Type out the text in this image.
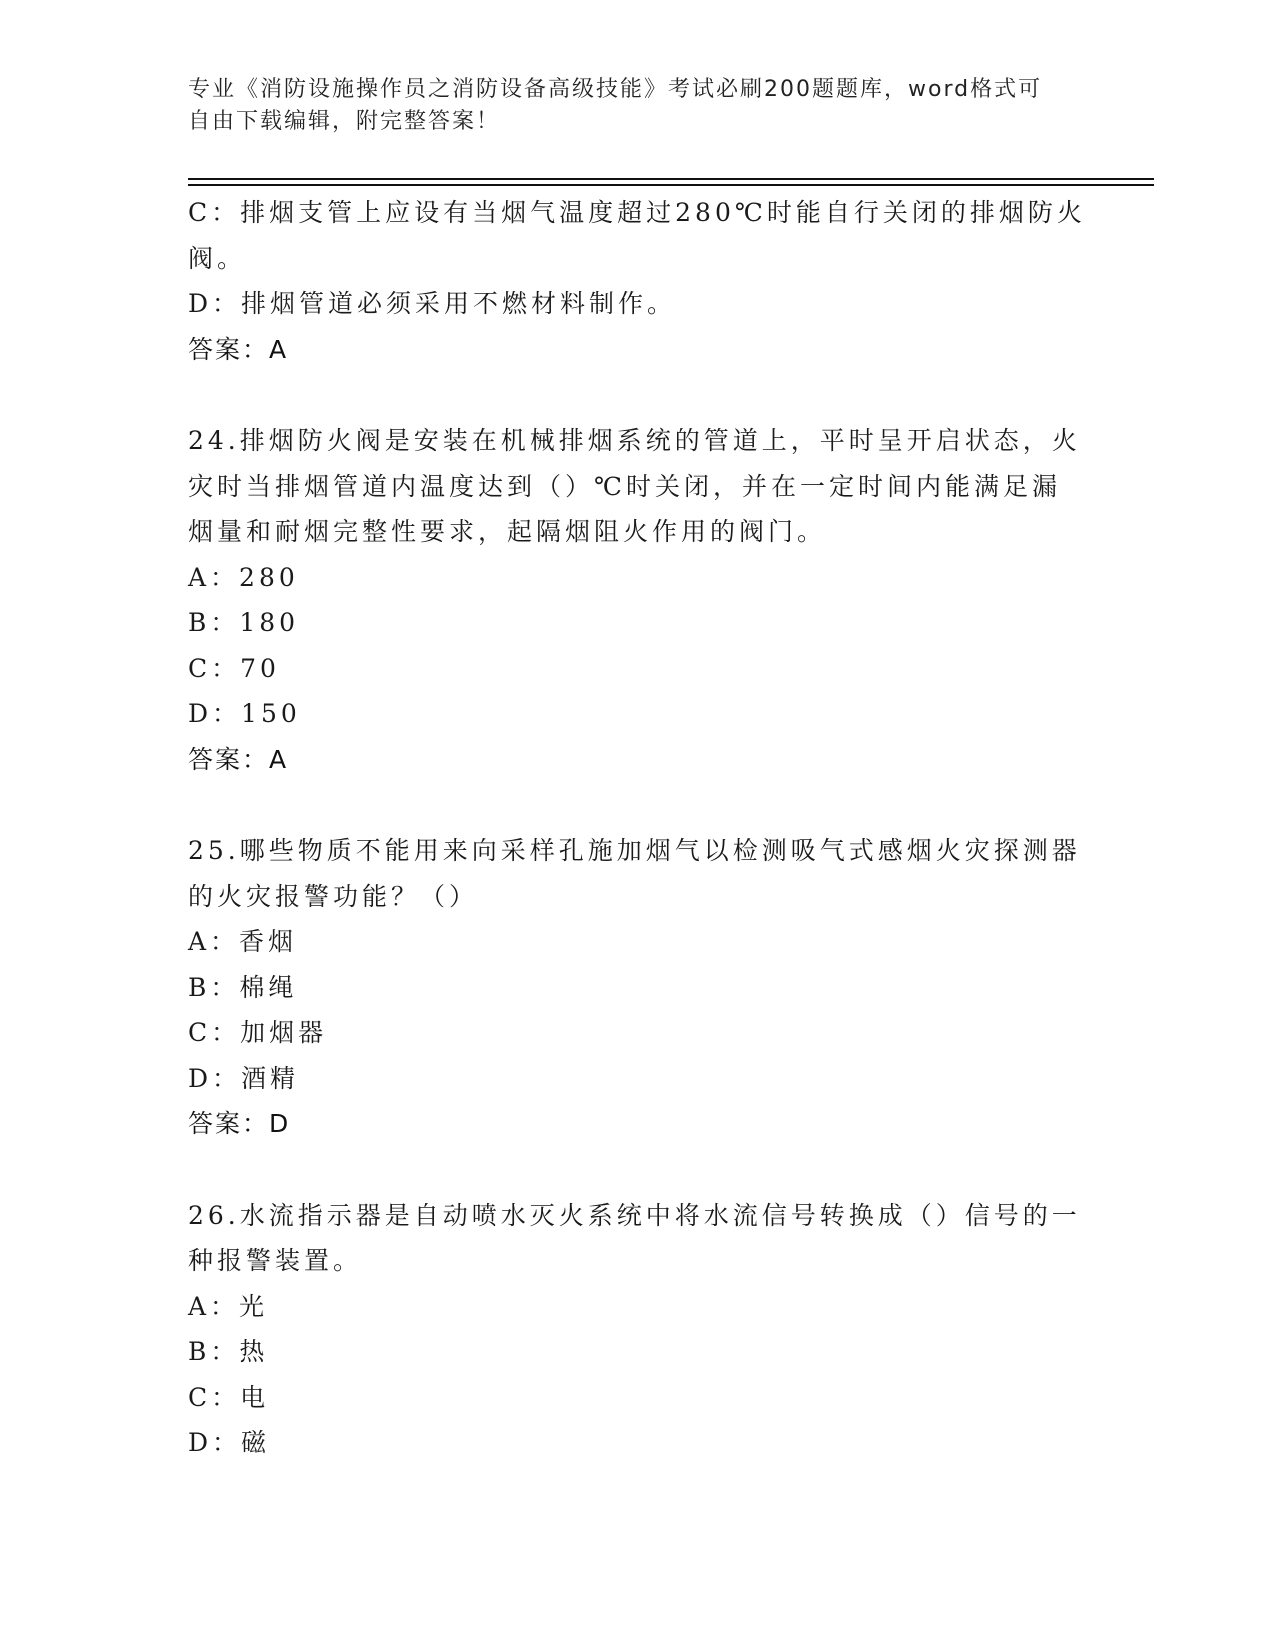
专业《消防设施操作员之消防设备高级技能》考试必刷200题题库，word格式可
自由下载编辑，附完整答案！
C：排烟支管上应设有当烟气温度超过280℃时能自行关闭的排烟防火
阀。
D：排烟管道必须采用不燃材料制作。
答案：A
24.排烟防火阀是安装在机械排烟系统的管道上，平时呈开启状态，火
灾时当排烟管道内温度达到（）℃时关闭，并在一定时间内能满足漏
烟量和耐烟完整性要求，起隔烟阻火作用的阀门。
A：280
B：180
C：70
D：150
答案：A
25.哪些物质不能用来向采样孔施加烟气以检测吸气式感烟火灾探测器
的火灾报警功能？（）
A：香烟
B：棉绳
C：加烟器
D：酒精
答案：D
26.水流指示器是自动喷水灭火系统中将水流信号转换成（）信号的一
种报警装置。
A：光
B：热
C：电
D：磁
